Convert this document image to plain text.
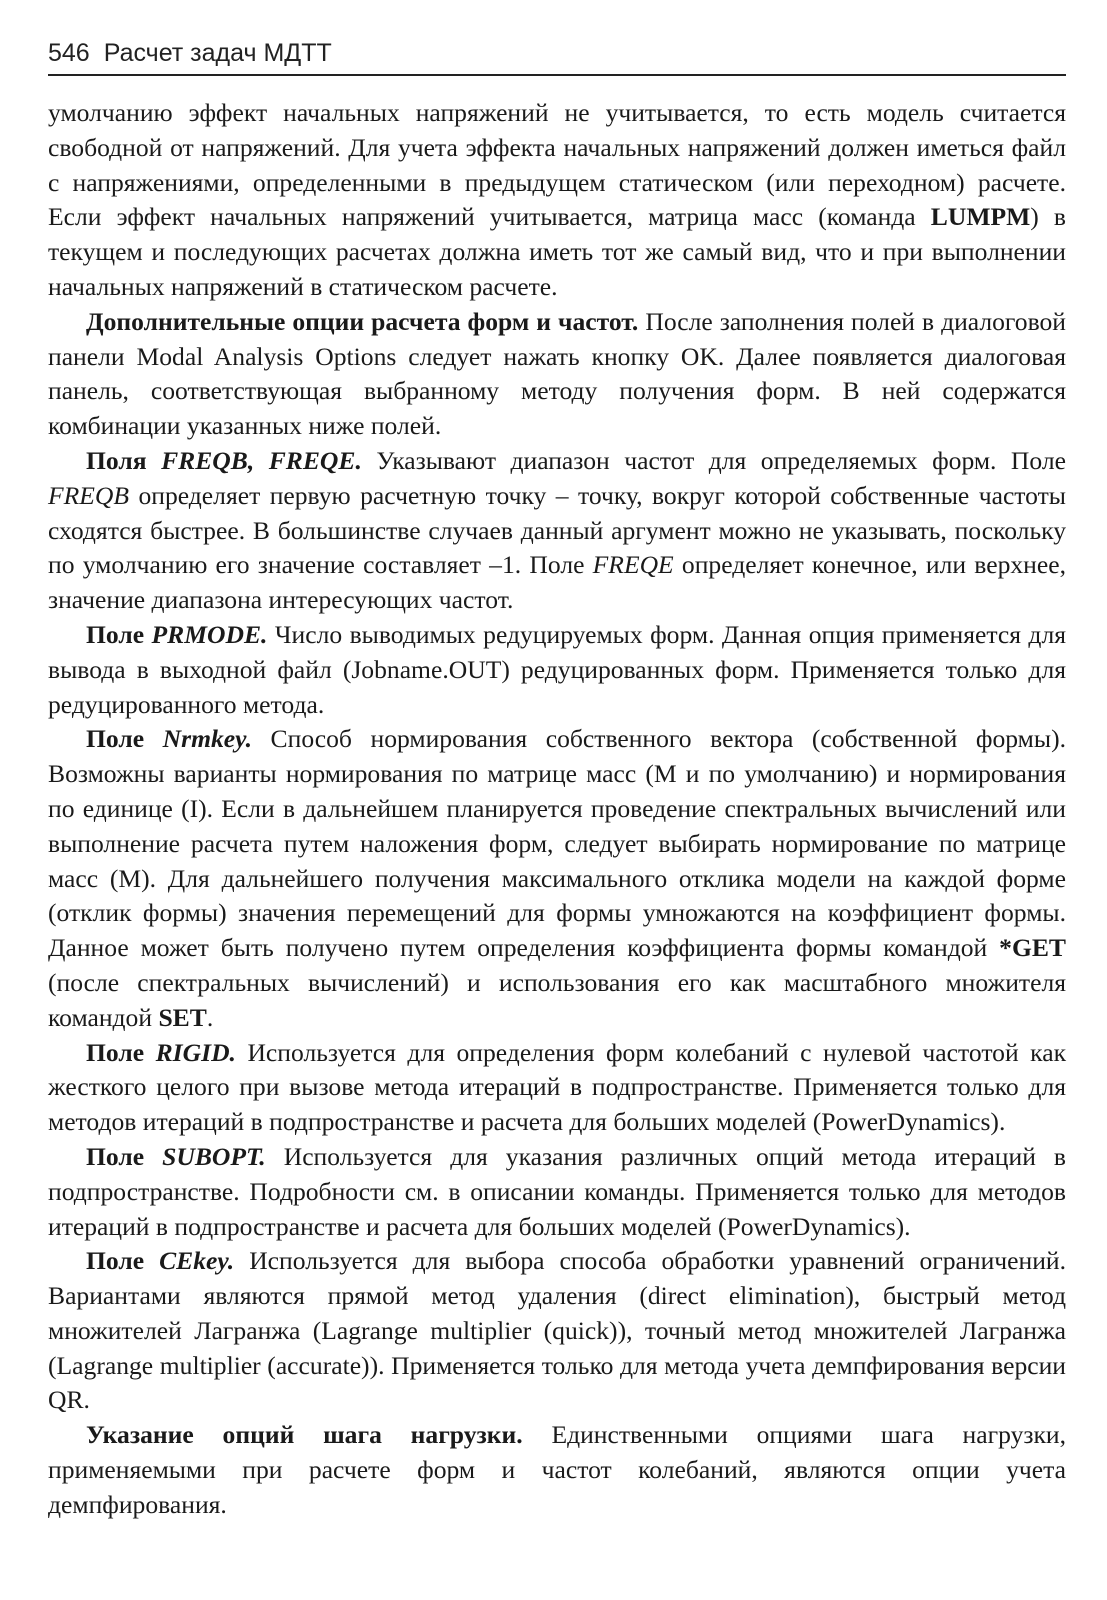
546 Расчет задач МДТТ

умолчанию эффект начальных напряжений не учитывается, то есть модель считается свободной от напряжений. Для учета эффекта начальных напряжений должен иметься файл с напряжениями, определенными в предыдущем статическом (или переходном) расчете. Если эффект начальных напряжений учитывается, матрица масс (команда LUMPM) в текущем и последующих расчетах должна иметь тот же самый вид, что и при выполнении начальных напряжений в статическом расчете.

Дополнительные опции расчета форм и частот. После заполнения полей в диалоговой панели Modal Analysis Options следует нажать кнопку OK. Далее появляется диалоговая панель, соответствующая выбранному методу получения форм. В ней содержатся комбинации указанных ниже полей.

Поля FREQB, FREQE. Указывают диапазон частот для определяемых форм. Поле FREQB определяет первую расчетную точку – точку, вокруг которой собственные частоты сходятся быстрее. В большинстве случаев данный аргумент можно не указывать, поскольку по умолчанию его значение составляет –1. Поле FREQE определяет конечное, или верхнее, значение диапазона интересующих частот.

Поле PRMODE. Число выводимых редуцируемых форм. Данная опция применяется для вывода в выходной файл (Jobname.OUT) редуцированных форм. Применяется только для редуцированного метода.

Поле Nrmkey. Способ нормирования собственного вектора (собственной формы). Возможны варианты нормирования по матрице масс (M и по умолчанию) и нормирования по единице (I). Если в дальнейшем планируется проведение спектральных вычислений или выполнение расчета путем наложения форм, следует выбирать нормирование по матрице масс (M). Для дальнейшего получения максимального отклика модели на каждой форме (отклик формы) значения перемещений для формы умножаются на коэффициент формы. Данное может быть получено путем определения коэффициента формы командой *GET (после спектральных вычислений) и использования его как масштабного множителя командой SET.

Поле RIGID. Используется для определения форм колебаний с нулевой частотой как жесткого целого при вызове метода итераций в подпространстве. Применяется только для методов итераций в подпространстве и расчета для больших моделей (PowerDynamics).

Поле SUBOPT. Используется для указания различных опций метода итераций в подпространстве. Подробности см. в описании команды. Применяется только для методов итераций в подпространстве и расчета для больших моделей (PowerDynamics).

Поле CEkey. Используется для выбора способа обработки уравнений ограничений. Вариантами являются прямой метод удаления (direct elimination), быстрый метод множителей Лагранжа (Lagrange multiplier (quick)), точный метод множителей Лагранжа (Lagrange multiplier (accurate)). Применяется только для метода учета демпфирования версии QR.

Указание опций шага нагрузки. Единственными опциями шага нагрузки, применяемыми при расчете форм и частот колебаний, являются опции учета демпфирования.
